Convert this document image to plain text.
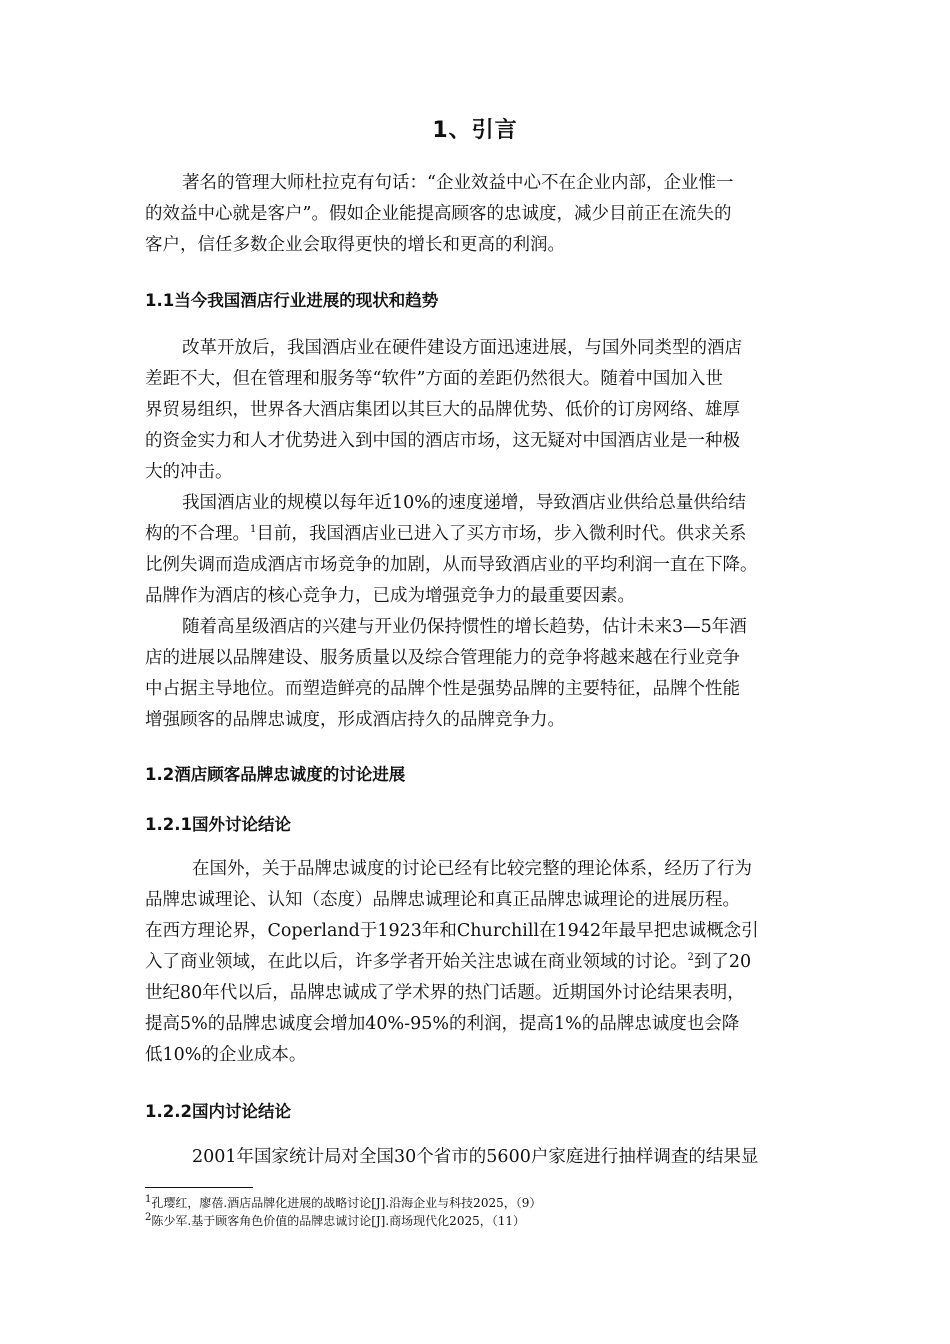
1、引言
著名的管理大师杜拉克有句话：“企业效益中心不在企业内部，企业惟一
的效益中心就是客户”。假如企业能提高顾客的忠诚度，减少目前正在流失的
客户，信任多数企业会取得更快的增长和更高的利润。
1.1当今我国酒店行业进展的现状和趋势
改革开放后，我国酒店业在硬件建设方面迅速进展，与国外同类型的酒店
差距不大，但在管理和服务等“软件”方面的差距仍然很大。随着中国加入世
界贸易组织，世界各大酒店集团以其巨大的品牌优势、低价的订房网络、雄厚
的资金实力和人才优势进入到中国的酒店市场，这无疑对中国酒店业是一种极
大的冲击。
我国酒店业的规模以每年近10%的速度递增，导致酒店业供给总量供给结
构的不合理。$^1$目前，我国酒店业已进入了买方市场，步入微利时代。供求关系
比例失调而造成酒店市场竞争的加剧，从而导致酒店业的平均利润一直在下降。
品牌作为酒店的核心竞争力，已成为增强竞争力的最重要因素。
随着高星级酒店的兴建与开业仍保持惯性的增长趋势，估计未来3—5年酒
店的进展以品牌建设、服务质量以及综合管理能力的竞争将越来越在行业竞争
中占据主导地位。而塑造鲜亮的品牌个性是强势品牌的主要特征，品牌个性能
增强顾客的品牌忠诚度，形成酒店持久的品牌竞争力。
1.2酒店顾客品牌忠诚度的讨论进展
1.2.1国外讨论结论
在国外，关于品牌忠诚度的讨论已经有比较完整的理论体系，经历了行为
品牌忠诚理论、认知（态度）品牌忠诚理论和真正品牌忠诚理论的进展历程。
在西方理论界，Coperland于1923年和Churchill在1942年最早把忠诚概念引
入了商业领域，在此以后，许多学者开始关注忠诚在商业领域的讨论。$^2$到了20
世纪80年代以后，品牌忠诚成了学术界的热门话题。近期国外讨论结果表明，
提高5%的品牌忠诚度会增加40%-95%的利润，提高1%的品牌忠诚度也会降
低10%的企业成本。
1.2.2国内讨论结论
2001年国家统计局对全国30个省市的5600户家庭进行抽样调查的结果显
$^1$孔璎红，廖蓓.酒店品牌化进展的战略讨论[J].沿海企业与科技2025，（9）
$^2$陈少军.基于顾客角色价值的品牌忠诚讨论[J].商场现代化2025，（11）
